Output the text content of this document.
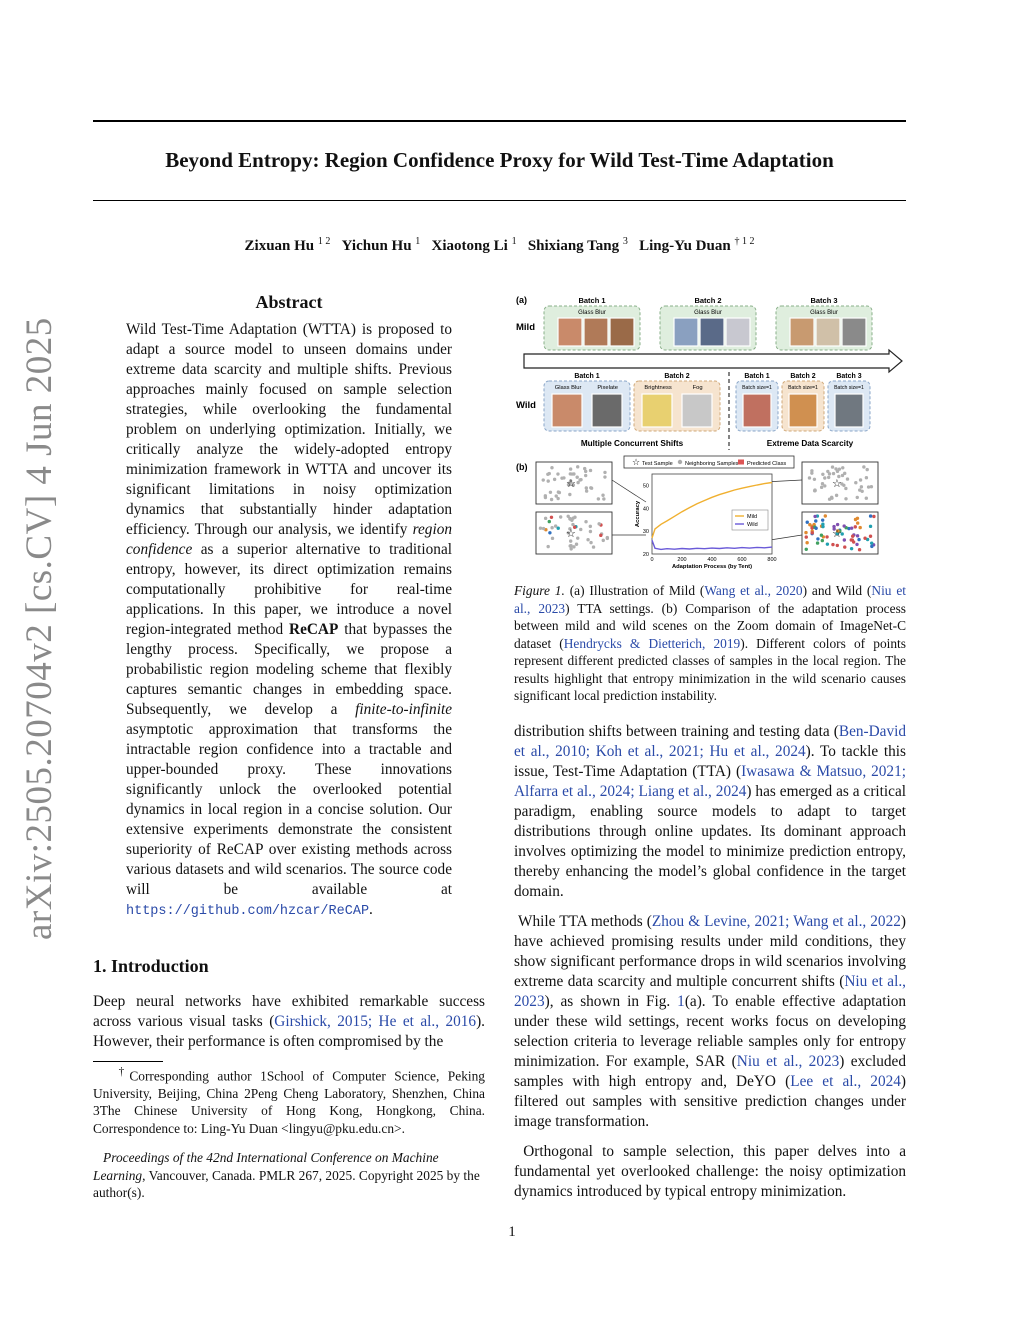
arXiv:2505.20704v2 [cs.CV] 4 Jun 2025
Beyond Entropy: Region Confidence Proxy for Wild Test-Time Adaptation
Zixuan Hu $^{1 2}$ Yichun Hu $^1$ Xiaotong Li $^1$ Shixiang Tang $^3$ Ling-Yu Duan $^{\dagger 1 2}$
Abstract
Wild Test-Time Adaptation (WTTA) is proposed to adapt a source model to unseen domains under extreme data scarcity and multiple shifts. Previous approaches mainly focused on sample selection strategies, while overlooking the fundamental problem on underlying optimization. Initially, we critically analyze the widely-adopted entropy minimization framework in WTTA and uncover its significant limitations in noisy optimization dynamics that substantially hinder adaptation efficiency. Through our analysis, we identify region confidence as a superior alternative to traditional entropy, however, its direct optimization remains computationally prohibitive for real-time applications. In this paper, we introduce a novel region-integrated method ReCAP that bypasses the lengthy process. Specifically, we propose a probabilistic region modeling scheme that flexibly captures semantic changes in embedding space. Subsequently, we develop a finite-to-infinite asymptotic approximation that transforms the intractable region confidence into a tractable and upper-bounded proxy. These innovations significantly unlock the overlooked potential dynamics in local region in a concise solution. Our extensive experiments demonstrate the consistent superiority of ReCAP over existing methods across various datasets and wild scenarios. The source code will be available at https://github.com/hzcar/ReCAP.
1. Introduction
Deep neural networks have exhibited remarkable success across various visual tasks (Girshick, 2015; He et al., 2016). However, their performance is often compromised by the
†Corresponding author 1School of Computer Science, Peking University, Beijing, China 2Peng Cheng Laboratory, Shenzhen, China 3The Chinese University of Hong Kong, Hongkong, China. Correspondence to: Ling-Yu Duan <lingyu@pku.edu.cn>.
Proceedings of the 42nd International Conference on Machine Learning, Vancouver, Canada. PMLR 267, 2025. Copyright 2025 by the author(s).
(a)
Mild
Wild
Batch 1
Glass Blur
Batch 2
Glass Blur
Batch 3
Glass Blur
Batch 1
Glass Blur	Pixelate
Batch 2
Brightness	Fog
Batch 1
Batch size=1
Batch 2
Batch size=1
Batch 3
Batch size=1
Multiple Concurrent Shifts	Extreme Data Scarcity
(b)	☆ Test Sample Neighboring Samples Predicted Class
☆
☆
☆
☆
0	200	400	600	800
20
30
40
50
Adaptation Process (by Tent)
Accuracy	Mild
Wild
Figure 1. (a) Illustration of Mild (Wang et al., 2020) and Wild (Niu et al., 2023) TTA settings. (b) Comparison of the adaptation process between mild and wild scenes on the Zoom domain of ImageNet-C dataset (Hendrycks & Dietterich, 2019). Different colors of points represent different predicted classes of samples in the local region. The results highlight that entropy minimization in the wild scenario causes significant local prediction instability.
distribution shifts between training and testing data (Ben-David et al., 2010; Koh et al., 2021; Hu et al., 2024). To tackle this issue, Test-Time Adaptation (TTA) (Iwasawa & Matsuo, 2021; Alfarra et al., 2024; Liang et al., 2024) has emerged as a critical paradigm, enabling source models to adapt to target distributions through online updates. Its dominant approach involves optimizing the model to minimize prediction entropy, thereby enhancing the model’s global confidence in the target domain.
While TTA methods (Zhou & Levine, 2021; Wang et al., 2022) have achieved promising results under mild conditions, they show significant performance drops in wild scenarios involving extreme data scarcity and multiple concurrent shifts (Niu et al., 2023), as shown in Fig. 1(a). To enable effective adaptation under these wild settings, recent works focus on developing selection criteria to leverage reliable samples only for entropy minimization. For example, SAR (Niu et al., 2023) excluded samples with high entropy and, DeYO (Lee et al., 2024) filtered out samples with sensitive prediction changes under image transformation.
Orthogonal to sample selection, this paper delves into a fundamental yet overlooked challenge: the noisy optimization dynamics introduced by typical entropy minimization.
1
